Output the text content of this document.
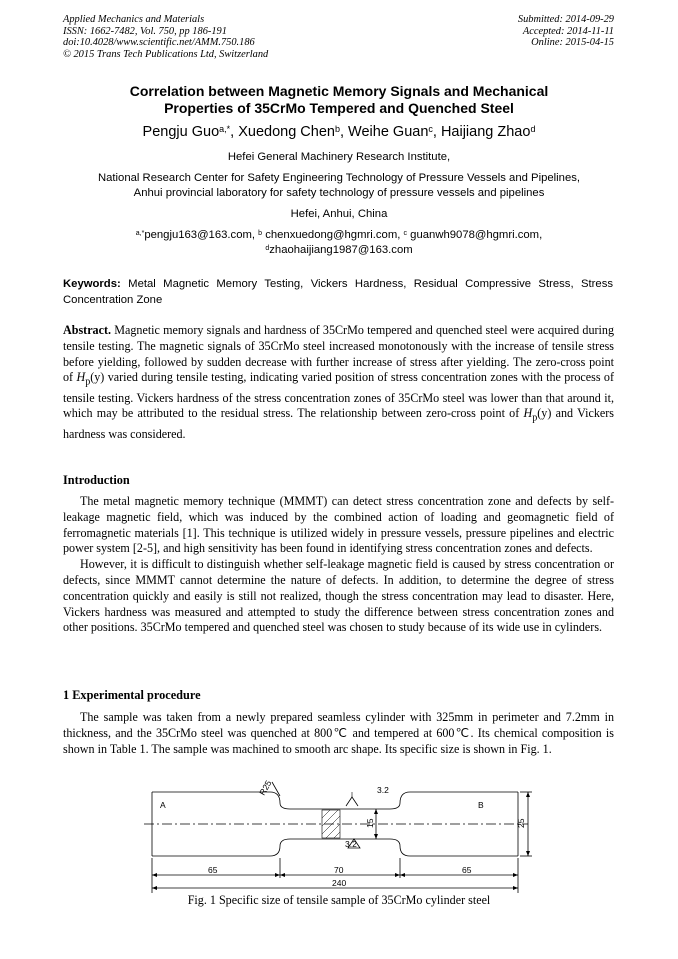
Applied Mechanics and Materials
ISSN: 1662-7482, Vol. 750, pp 186-191
doi:10.4028/www.scientific.net/AMM.750.186
© 2015 Trans Tech Publications Ltd, Switzerland
Submitted: 2014-09-29
Accepted: 2014-11-11
Online: 2015-04-15
Correlation between Magnetic Memory Signals and Mechanical
Properties of 35CrMo Tempered and Quenched Steel
Pengju Guo$^{a,*}$, Xuedong Chen$^b$, Weihe Guan$^c$, Haijiang Zhao$^d$
Hefei General Machinery Research Institute,
National Research Center for Safety Engineering Technology of Pressure Vessels and Pipelines,
Anhui provincial laboratory for safety technology of pressure vessels and pipelines
Hefei, Anhui, China
$^{a,*}$pengju163@163.com, $^b$ chenxuedong@hgmri.com, $^c$ guanwh9078@hgmri.com,
$^d$zhaohaijiang1987@163.com
Keywords: Metal Magnetic Memory Testing, Vickers Hardness, Residual Compressive Stress, Stress Concentration Zone

Abstract. Magnetic memory signals and hardness of 35CrMo tempered and quenched steel were acquired during tensile testing. The magnetic signals of 35CrMo steel increased monotonously with the increase of tensile stress before yielding, followed by sudden decrease with further increase of stress after yielding. The zero-cross point of $H_p(y)$ varied during tensile testing, indicating varied position of stress concentration zones with the process of tensile testing. Vickers hardness of the stress concentration zones of 35CrMo steel was lower than that around it, which may be attributed to the residual stress. The relationship between zero-cross point of $H_p(y)$ and Vickers hardness was considered.

Introduction

The metal magnetic memory technique (MMMT) can detect stress concentration zone and defects by self-leakage magnetic field, which was induced by the combined action of loading and geomagnetic field of ferromagnetic materials [1]. This technique is utilized widely in pressure vessels, pressure pipelines and electric power system [2-5], and high sensitivity has been found in identifying stress concentration zones and defects.

However, it is difficult to distinguish whether self-leakage magnetic field is caused by stress concentration or defects, since MMMT cannot determine the nature of defects. In addition, to determine the degree of stress concentration quickly and easily is still not realized, though the stress concentration may lead to disaster. Here, Vickers hardness was measured and attempted to study the difference between stress concentration zones and other positions. 35CrMo tempered and quenched steel was chosen to study because of its wide use in cylinders.

1 Experimental procedure

The sample was taken from a newly prepared seamless cylinder with 325mm in perimeter and 7.2mm in thickness, and the 35CrMo steel was quenched at 800℃ and tempered at 600℃. Its chemical composition is shown in Table 1. The sample was machined to smooth arc shape. Its specific size is shown in Fig. 1.

A	B
R25	3.2
3.2
15	25
65	70	65
240
Fig. 1 Specific size of tensile sample of 35CrMo cylinder steel
